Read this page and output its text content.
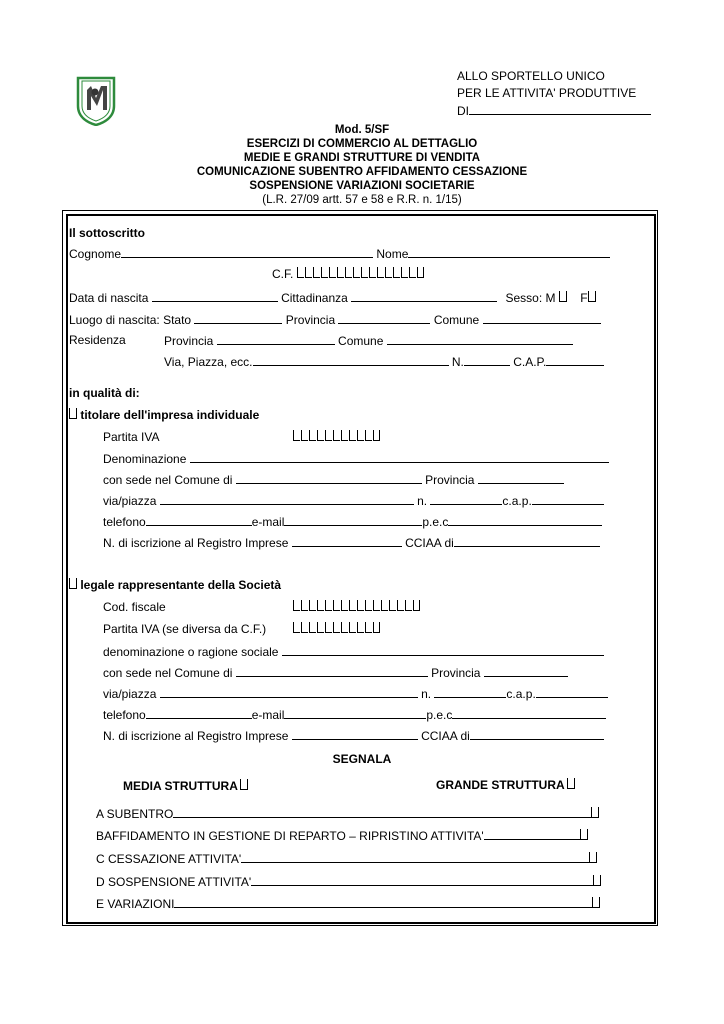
ALLO SPORTELLO UNICO
PER LE ATTIVITA' PRODUTTIVE
DI
Mod. 5/SF
ESERCIZI DI COMMERCIO AL DETTAGLIO
MEDIE E GRANDI STRUTTURE DI VENDITA
COMUNICAZIONE SUBENTRO AFFIDAMENTO CESSAZIONE
SOSPENSIONE VARIAZIONI SOCIETARIE
(L.R. 27/09 artt. 57 e 58 e R.R. n. 1/15)
Il sottoscritto
Cognome	Nome
C.F.
Data di nascita	Cittadinanza	Sesso: M F
Luogo di nascita: Stato	Provincia	Comune
Residenza	Provincia	Comune
Via, Piazza, ecc.	N.	C.A.P.
in qualità di:
titolare dell'impresa individuale
Partita IVA
Denominazione
con sede nel Comune di	Provincia
via/piazza	n.	c.a.p.
telefono	e-mail	p.e.c
N. di iscrizione al Registro Imprese	CCIAA di
legale rappresentante della Società
Cod. fiscale
Partita IVA (se diversa da C.F.)
denominazione o ragione sociale
con sede nel Comune di	Provincia
via/piazza	n.	c.a.p.
telefono	e-mail	p.e.c
N. di iscrizione al Registro Imprese	CCIAA di
SEGNALA
MEDIA STRUTTURA	GRANDE STRUTTURA
A SUBENTRO
BAFFIDAMENTO IN GESTIONE DI REPARTO – RIPRISTINO ATTIVITA'
C CESSAZIONE ATTIVITA'
D SOSPENSIONE ATTIVITA'
E VARIAZIONI
